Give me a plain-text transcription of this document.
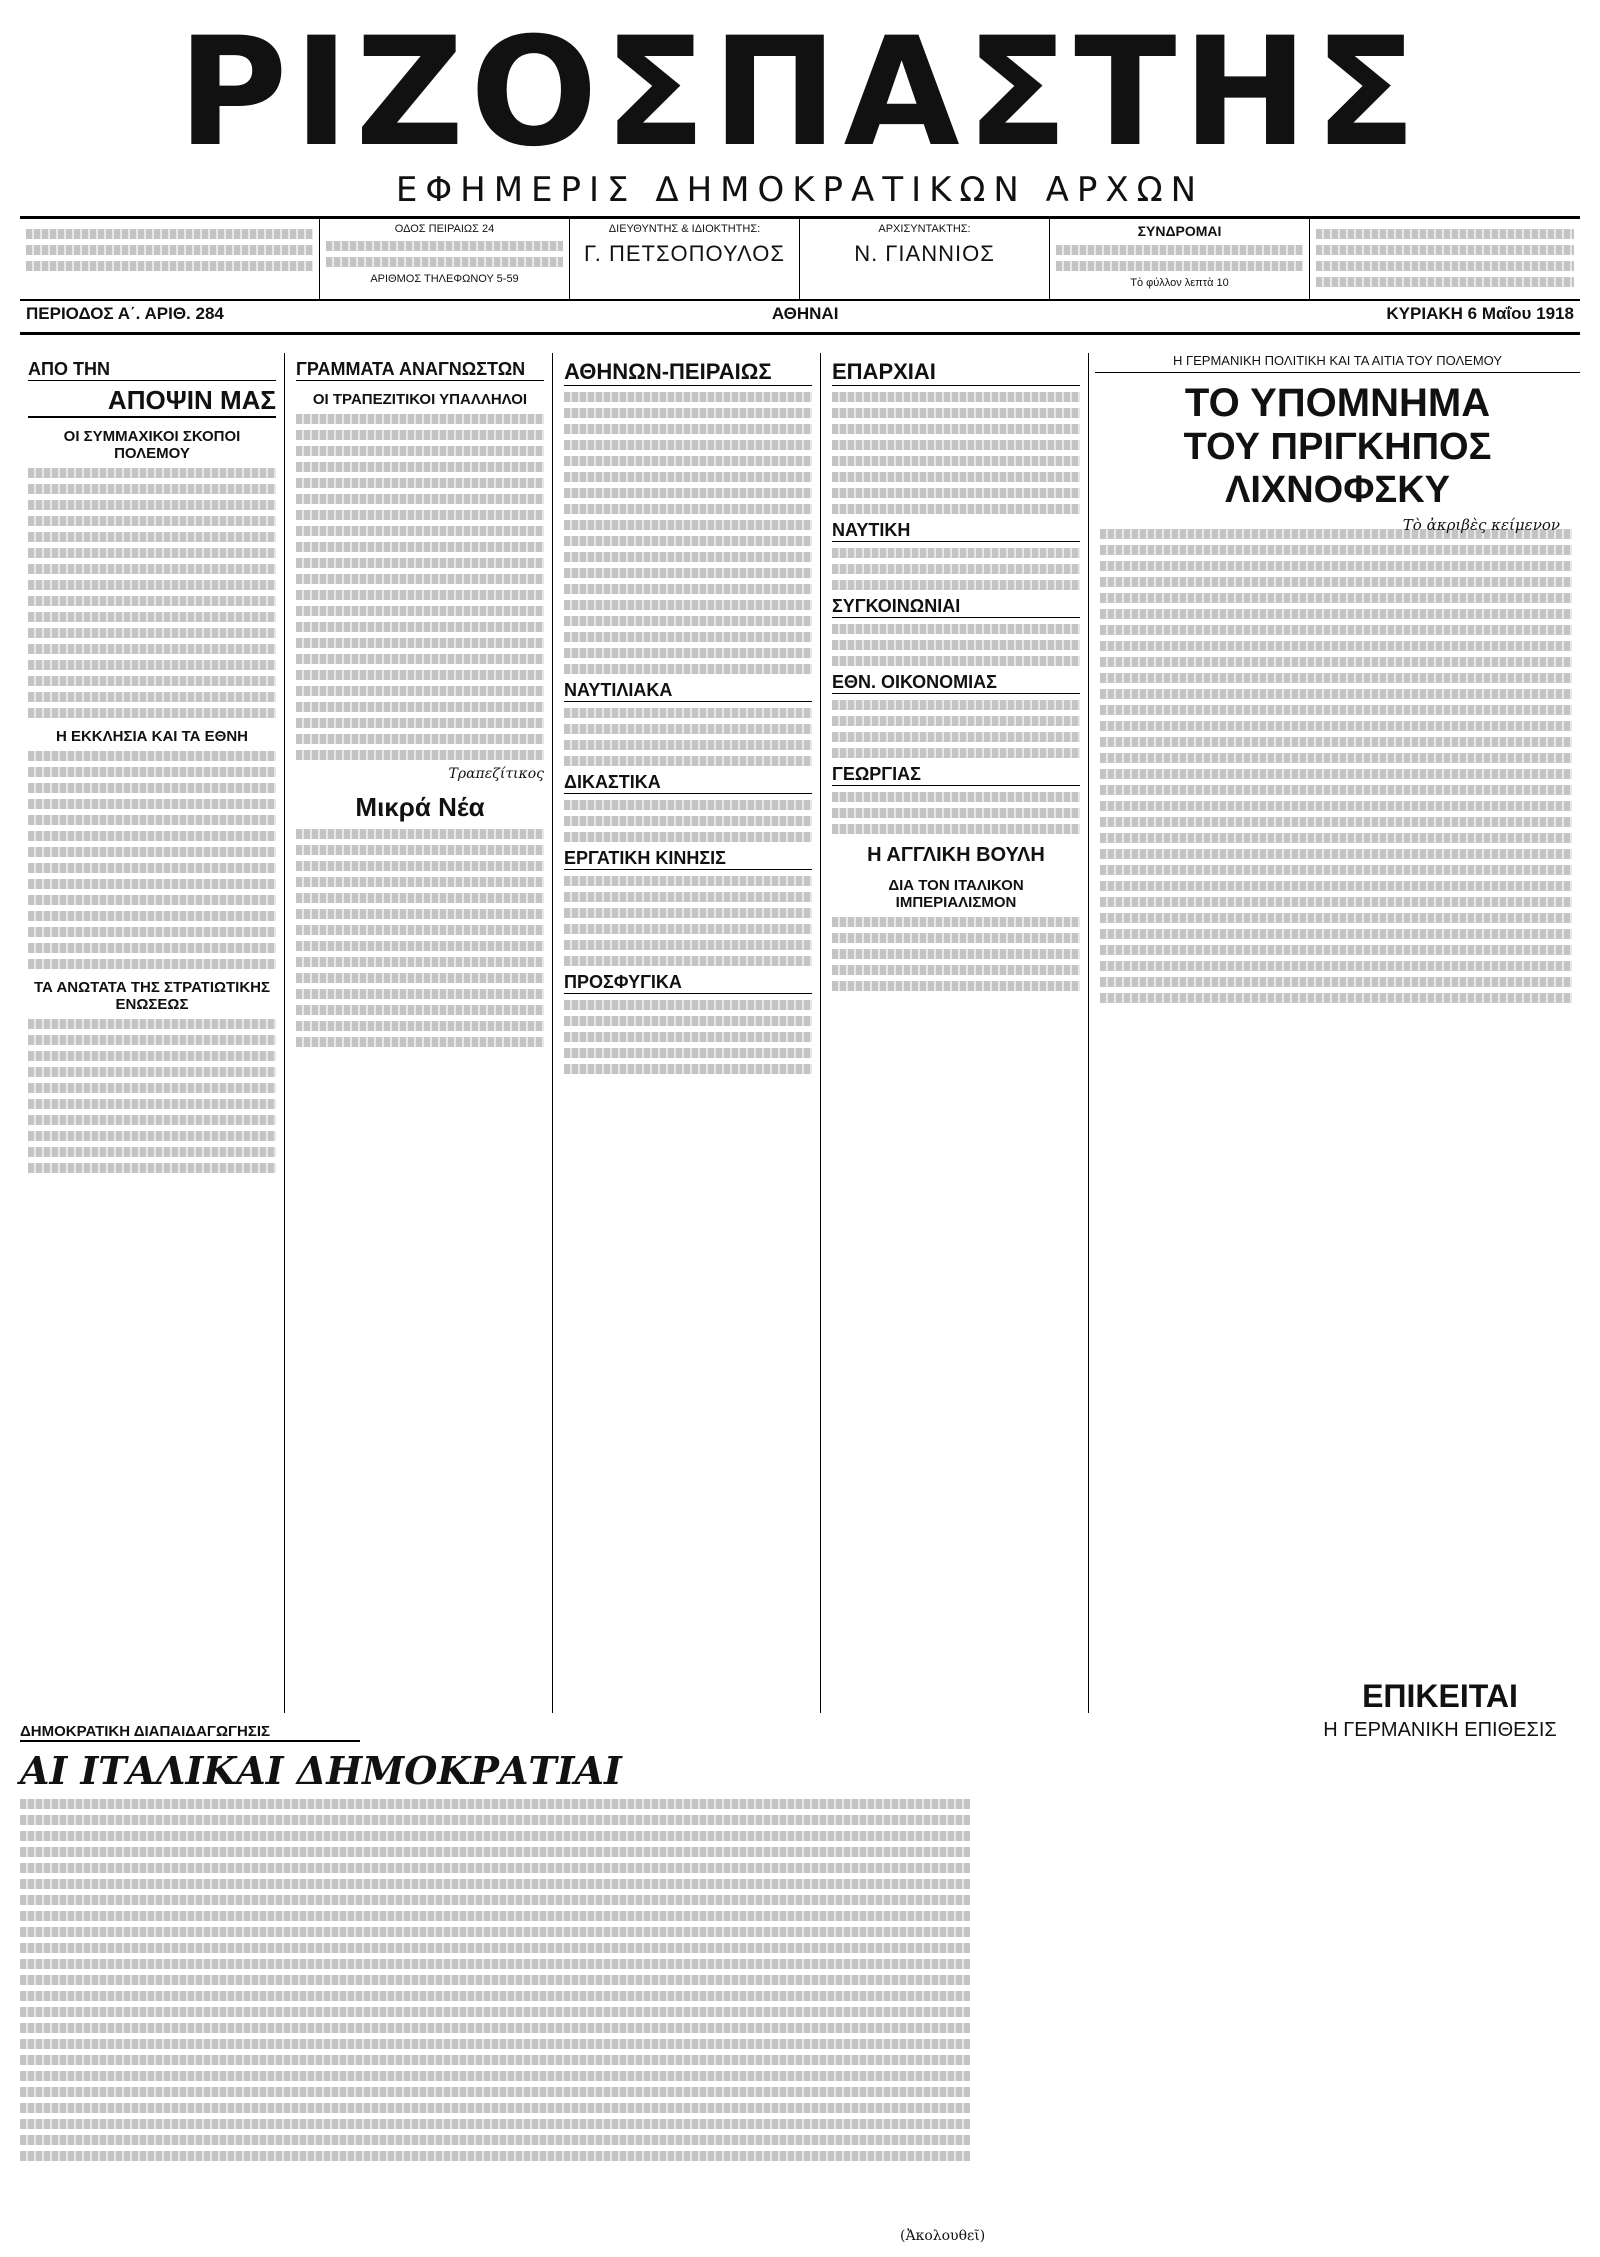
ΡΙΖΟΣΠΑΣΤΗΣ
ΕΦΗΜΕΡΙΣ ΔΗΜΟΚΡΑΤΙΚΩΝ ΑΡΧΩΝ
ΟΔΟΣ ΠΕΙΡΑΙΩΣ 24
ΑΡΙΘΜΟΣ ΤΗΛΕΦΩΝΟΥ 5-59
ΔΙΕΥΘΥΝΤΗΣ & ΙΔΙΟΚΤΗΤΗΣ:
Γ. ΠΕΤΣΟΠΟΥΛΟΣ
ΑΡΧΙΣΥΝΤΑΚΤΗΣ:
Ν. ΓΙΑΝΝΙΟΣ
ΣΥΝΔΡΟΜΑΙ
Τὸ φύλλον λεπτὰ 10
ΠΕΡΙΟΔΟΣ Α΄. ΑΡΙΘ. 284	ΑΘΗΝΑΙ	ΚΥΡΙΑΚΗ 6 Μαΐου 1918
ΑΠΟ ΤΗΝ
ΑΠΟΨΙΝ ΜΑΣ
ΟΙ ΣΥΜΜΑΧΙΚΟΙ ΣΚΟΠΟΙ ΠΟΛΕΜΟΥ
Η ΕΚΚΛΗΣΙΑ ΚΑΙ ΤΑ ΕΘΝΗ
ΤΑ ΑΝΩΤΑΤΑ ΤΗΣ ΣΤΡΑΤΙΩΤΙΚΗΣ ΕΝΩΣΕΩΣ
ΓΡΑΜΜΑΤΑ ΑΝΑΓΝΩΣΤΩΝ
ΟΙ ΤΡΑΠΕΖΙΤΙΚΟΙ ΥΠΑΛΛΗΛΟΙ
Τραπεζίτικος
Μικρά Νέα
ΑΘΗΝΩΝ-ΠΕΙΡΑΙΩΣ
ΝΑΥΤΙΛΙΑΚΑ
ΔΙΚΑΣΤΙΚΑ
ΕΡΓΑΤΙΚΗ ΚΙΝΗΣΙΣ
ΠΡΟΣΦΥΓΙΚΑ
ΕΠΑΡΧΙΑΙ
ΝΑΥΤΙΚΗ
ΣΥΓΚΟΙΝΩΝΙΑΙ
ΕΘΝ. ΟΙΚΟΝΟΜΙΑΣ
ΓΕΩΡΓΙΑΣ
Η ΑΓΓΛΙΚΗ ΒΟΥΛΗ
ΔΙΑ ΤΟΝ ΙΤΑΛΙΚΟΝ ΙΜΠΕΡΙΑΛΙΣΜΟΝ
Η ΓΕΡΜΑΝΙΚΗ ΠΟΛΙΤΙΚΗ ΚΑΙ ΤΑ ΑΙΤΙΑ ΤΟΥ ΠΟΛΕΜΟΥ
ΤΟ ΥΠΟΜΝΗΜΑ
ΤΟΥ ΠΡΙΓΚΗΠΟΣ ΛΙΧΝΟΦΣΚΥ
Τὸ ἀκριβὲς κείμενον
ΕΠΙΚΕΙΤΑΙ
Η ΓΕΡΜΑΝΙΚΗ ΕΠΙΘΕΣΙΣ
ΔΗΜΟΚΡΑΤΙΚΗ ΔΙΑΠΑΙΔΑΓΩΓΗΣΙΣ
ΑΙ ΙΤΑΛΙΚΑΙ ΔΗΜΟΚΡΑΤΙΑΙ
(Ἀκολουθεῖ)
